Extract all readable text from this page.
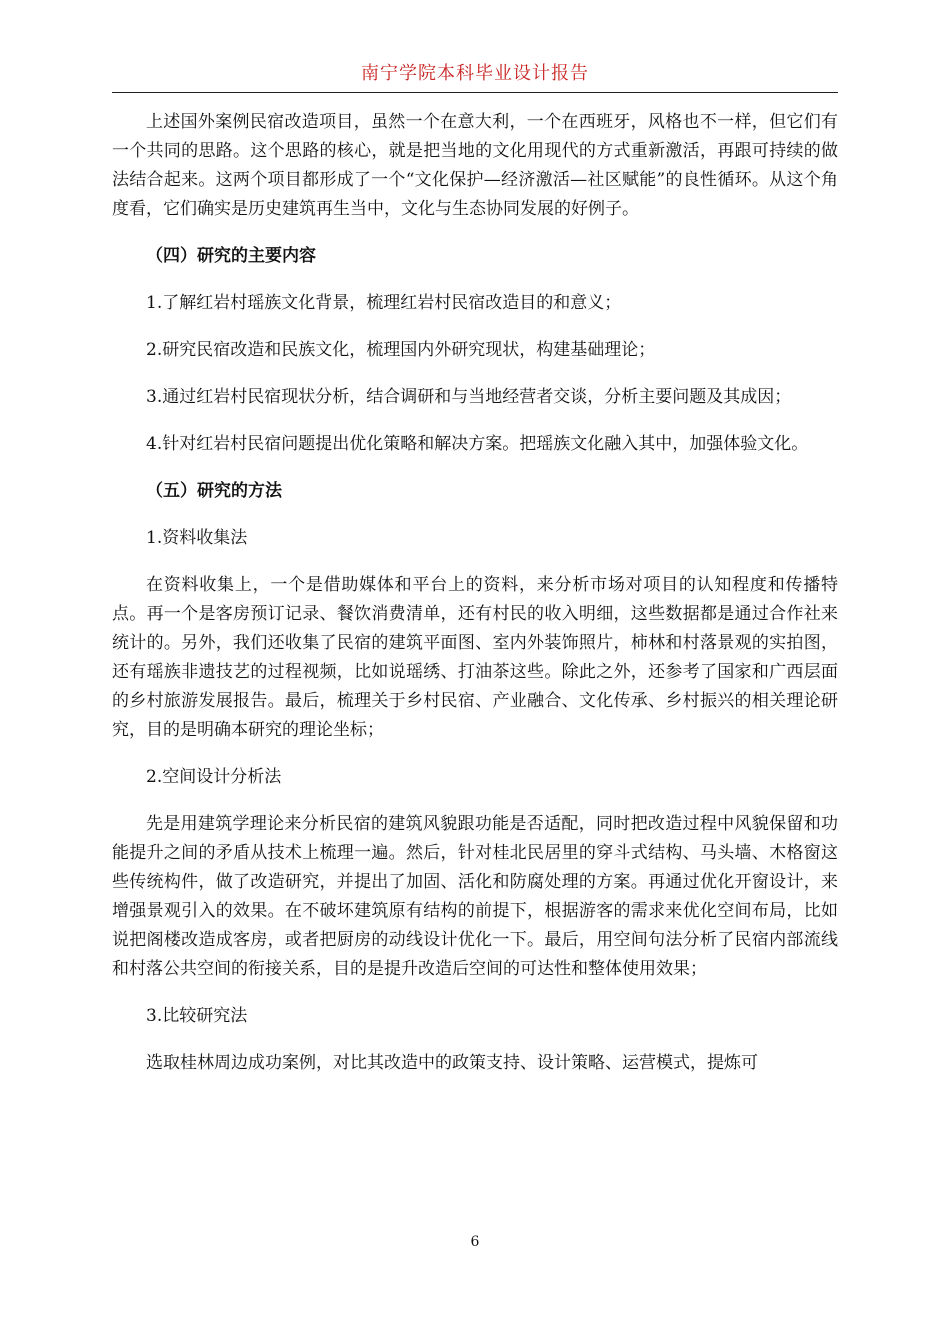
南宁学院本科毕业设计报告

上述国外案例民宿改造项目，虽然一个在意大利，一个在西班牙，风格也不一样，但它们有一个共同的思路。这个思路的核心，就是把当地的文化用现代的方式重新激活，再跟可持续的做法结合起来。这两个项目都形成了一个“文化保护—经济激活—社区赋能”的良性循环。从这个角度看，它们确实是历史建筑再生当中，文化与生态协同发展的好例子。

（四）研究的主要内容

1.了解红岩村瑶族文化背景，梳理红岩村民宿改造目的和意义；

2.研究民宿改造和民族文化，梳理国内外研究现状，构建基础理论；

3.通过红岩村民宿现状分析，结合调研和与当地经营者交谈，分析主要问题及其成因；

4.针对红岩村民宿问题提出优化策略和解决方案。把瑶族文化融入其中，加强体验文化。

（五）研究的方法

1.资料收集法

在资料收集上，一个是借助媒体和平台上的资料，来分析市场对项目的认知程度和传播特点。再一个是客房预订记录、餐饮消费清单，还有村民的收入明细，这些数据都是通过合作社来统计的。另外，我们还收集了民宿的建筑平面图、室内外装饰照片，柿林和村落景观的实拍图，还有瑶族非遗技艺的过程视频，比如说瑶绣、打油茶这些。除此之外，还参考了国家和广西层面的乡村旅游发展报告。最后，梳理关于乡村民宿、产业融合、文化传承、乡村振兴的相关理论研究，目的是明确本研究的理论坐标；

2.空间设计分析法

先是用建筑学理论来分析民宿的建筑风貌跟功能是否适配，同时把改造过程中风貌保留和功能提升之间的矛盾从技术上梳理一遍。然后，针对桂北民居里的穿斗式结构、马头墙、木格窗这些传统构件，做了改造研究，并提出了加固、活化和防腐处理的方案。再通过优化开窗设计，来增强景观引入的效果。在不破坏建筑原有结构的前提下，根据游客的需求来优化空间布局，比如说把阁楼改造成客房，或者把厨房的动线设计优化一下。最后，用空间句法分析了民宿内部流线和村落公共空间的衔接关系，目的是提升改造后空间的可达性和整体使用效果；

3.比较研究法

选取桂林周边成功案例，对比其改造中的政策支持、设计策略、运营模式，提炼可

6
